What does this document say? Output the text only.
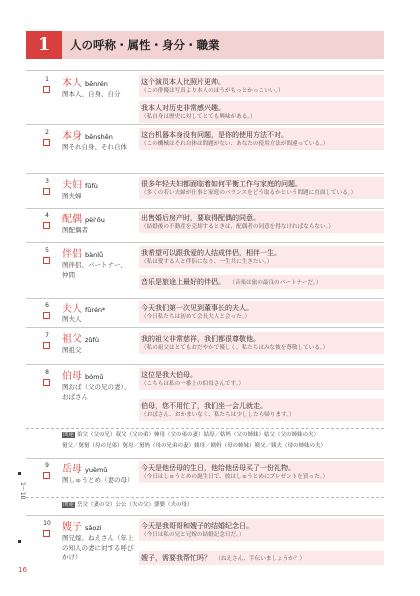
1	人の呼称・属性・身分・職業
1	本人 běnrén
图本人、自身、自分
这个演员本人比照片更帅。
（この俳優は写真より本人のほうがもっとかっこいい。）
我本人对历史非常感兴趣。
（私自身は歴史に対してとても興味がある。）
2	本身 běnshēn
图それ自身、それ自体
这台机器本身没有问题，是你的使用方法不对。
（この機械はそれ自体は問題がない、あなたの使用方法が間違っている。）
3	夫妇 fūfù
图夫婦
很多年轻夫妇都面临着如何平衡工作与家庭的问题。
（多くの若い夫婦が仕事と家庭のバランスをどう取るかという問題に直面している。）
4	配偶 pèi'ǒu
图配偶者
出售婚后房产时，要取得配偶的同意。
（結婚後の不動産を売却するときは、配偶者の同意を得なければならない。）
5	伴侣 bànlǚ
图伴侶、パートナー、仲間
我希望可以跟我爱的人结成伴侣，相伴一生。
（私は愛する人と伴侶になり、一生共に生きたい。）
音乐是旅途上最好的伴侣。 （音楽は旅の最良のパートナーだ。）
6	夫人 fūrén*
图夫人
今天我们第一次见到董事长的夫人。
（今日私たちは初めて会長夫人と会った。）
7	祖父 zǔfù
图祖父
我的祖父非常慈祥，我们都很尊敬他。
（私の祖父はとてもおだやかで優しく、私たちはみな彼を尊敬している。）
8	伯母 bómǔ
图おば（父の兄の妻）、おばさん
这位是我大伯母。
（こちらは私の一番上の伯母さんです。）
伯母，您不用忙了，我们坐一会儿就走。
（おばさん、おかまいなく、私たちは少ししたら帰ります。）
関連 伯父（父の兄）叔父（父の弟）婶母（父の弟の妻）姑母／姑妈（父の姉妹）姑父（父の姉妹の夫）
舅父／舅舅（母の兄弟）舅母／舅妈（母の兄弟の妻）姨母／姨妈（母の姉妹）姨父／姨夫（母の姉妹の夫）
9	岳母 yuèmǔ
图しゅうとめ（妻の母）
今天是他岳母的生日，他给他岳母买了一份礼物。
（今日はしゅうとめの誕生日で、彼はしゅうとめにプレゼントを買った。）
関連 岳父（妻の父）公公（夫の父）婆婆（夫の母）
10	嫂子 sǎozi
图兄嫁、ねえさん（年上の知人の妻に対する呼びかけ）
今天是我哥哥和嫂子的结婚纪念日。
（今日は私の兄と兄嫁の結婚記念日だ。）
嫂子，需要我帮忙吗？ （ねえさん、手伝いましょうか？）
1〜10
16
